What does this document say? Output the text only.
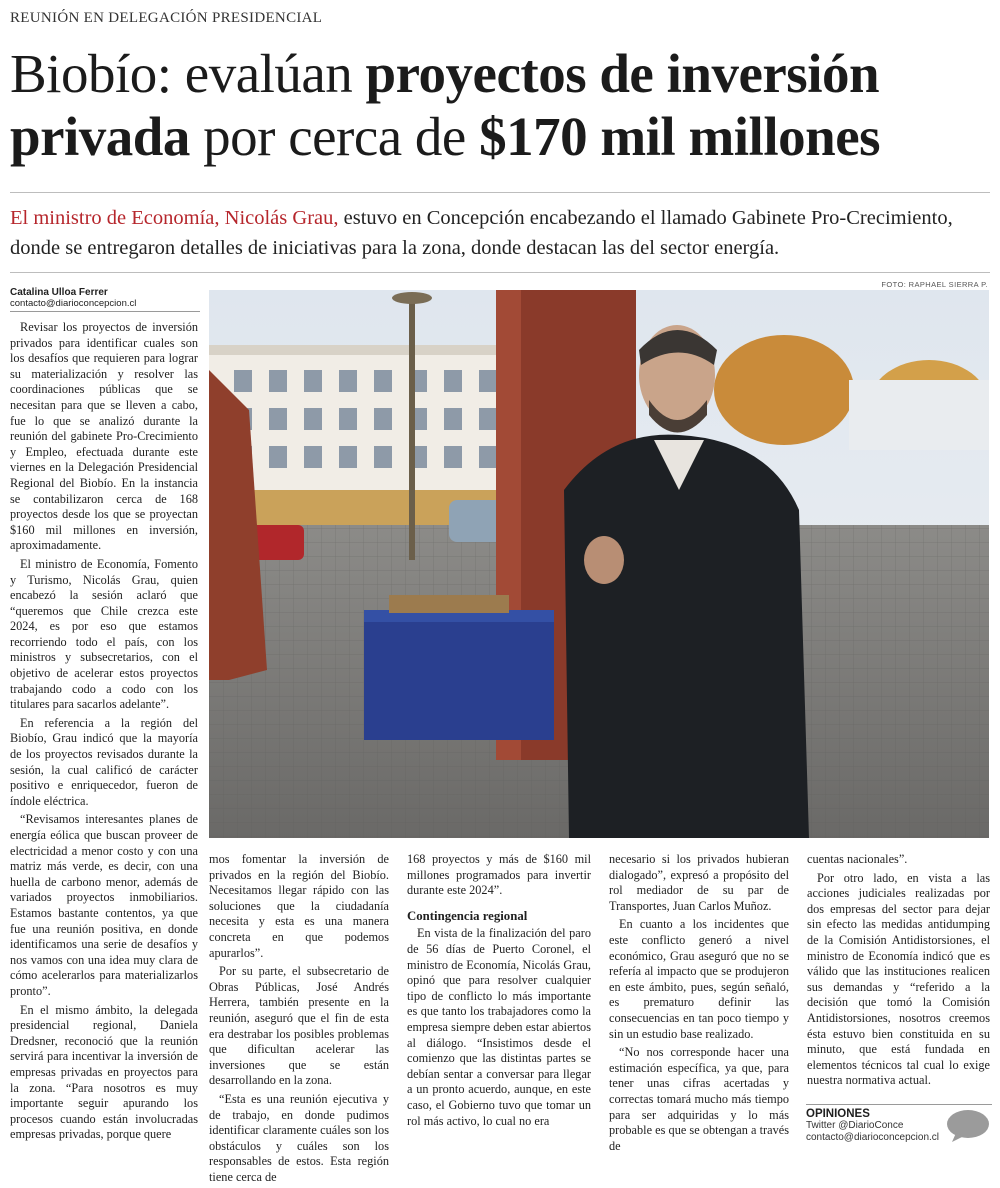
REUNIÓN EN DELEGACIÓN PRESIDENCIAL
Biobío: evalúan proyectos de inversión privada por cerca de $170 mil millones
El ministro de Economía, Nicolás Grau, estuvo en Concepción encabezando el llamado Gabinete Pro-Crecimiento, donde se entregaron detalles de iniciativas para la zona, donde destacan las del sector energía.
Catalina Ulloa Ferrer
contacto@diarioconcepcion.cl
FOTO: RAPHAEL SIERRA P.

Revisar los proyectos de inversión privados para identificar cuales son los desafíos que requieren para lograr su materialización y resolver las coordinaciones públicas que se necesitan para que se lleven a cabo, fue lo que se analizó durante la reunión del gabinete Pro-Crecimiento y Empleo, efectuada durante este viernes en la Delegación Presidencial Regional del Biobío. En la instancia se contabilizaron cerca de 168 proyectos desde los que se proyectan $160 mil millones en inversión, aproximadamente.

El ministro de Economía, Fomento y Turismo, Nicolás Grau, quien encabezó la sesión aclaró que “queremos que Chile crezca este 2024, es por eso que estamos recorriendo todo el país, con los ministros y subsecretarios, con el objetivo de acelerar estos proyectos trabajando codo a codo con los titulares para sacarlos adelante”.

En referencia a la región del Biobío, Grau indicó que la mayoría de los proyectos revisados durante la sesión, la cual calificó de carácter positivo e enriquecedor, fueron de índole eléctrica.

“Revisamos interesantes planes de energía eólica que buscan proveer de electricidad a menor costo y con una matriz más verde, es decir, con una huella de carbono menor, además de variados proyectos inmobiliarios. Estamos bastante contentos, ya que fue una reunión positiva, en donde identificamos una serie de desafíos y nos vamos con una idea muy clara de cómo acelerarlos para materializarlos pronto”.

En el mismo ámbito, la delegada presidencial regional, Daniela Dredsner, reconoció que la reunión servirá para incentivar la inversión de empresas privadas en proyectos para la zona. “Para nosotros es muy importante seguir apurando los procesos cuando están involucradas empresas privadas, porque quere

mos fomentar la inversión de privados en la región del Biobío. Necesitamos llegar rápido con las soluciones que la ciudadanía necesita y esta es una manera concreta en que podemos apurarlos”.

Por su parte, el subsecretario de Obras Públicas, José Andrés Herrera, también presente en la reunión, aseguró que el fin de esta era destrabar los posibles problemas que dificultan acelerar las inversiones que se están desarrollando en la zona.

“Esta es una reunión ejecutiva y de trabajo, en donde pudimos identificar claramente cuáles son los obstáculos y cuáles son los responsables de estos. Esta región tiene cerca de

168 proyectos y más de $160 mil millones programados para invertir durante este 2024”.

Contingencia regional

En vista de la finalización del paro de 56 días de Puerto Coronel, el ministro de Economía, Nicolás Grau, opinó que para resolver cualquier tipo de conflicto lo más importante es que tanto los trabajadores como la empresa siempre deben estar abiertos al diálogo. “Insistimos desde el comienzo que las distintas partes se debían sentar a conversar para llegar a un pronto acuerdo, aunque, en este caso, el Gobierno tuvo que tomar un rol más activo, lo cual no era

necesario si los privados hubieran dialogado”, expresó a propósito del rol mediador de su par de Transportes, Juan Carlos Muñoz.

En cuanto a los incidentes que este conflicto generó a nivel económico, Grau aseguró que no se refería al impacto que se produjeron en este ámbito, pues, según señaló, es prematuro definir las consecuencias en tan poco tiempo y sin un estudio base realizado.

“No nos corresponde hacer una estimación específica, ya que, para tener unas cifras acertadas y correctas tomará mucho más tiempo para ser adquiridas y lo más probable es que se obtengan a través de

cuentas nacionales”.

Por otro lado, en vista a las acciones judiciales realizadas por dos empresas del sector para dejar sin efecto las medidas antidumping de la Comisión Antidistorsiones, el ministro de Economía indicó que es válido que las instituciones realicen sus demandas y “referido a la decisión que tomó la Comisión Antidistorsiones, nosotros creemos ésta estuvo bien constituida en su minuto, que está fundada en elementos técnicos tal cual lo exige nuestra normativa actual.

OPINIONES
Twitter @DiarioConce
contacto@diarioconcepcion.cl
